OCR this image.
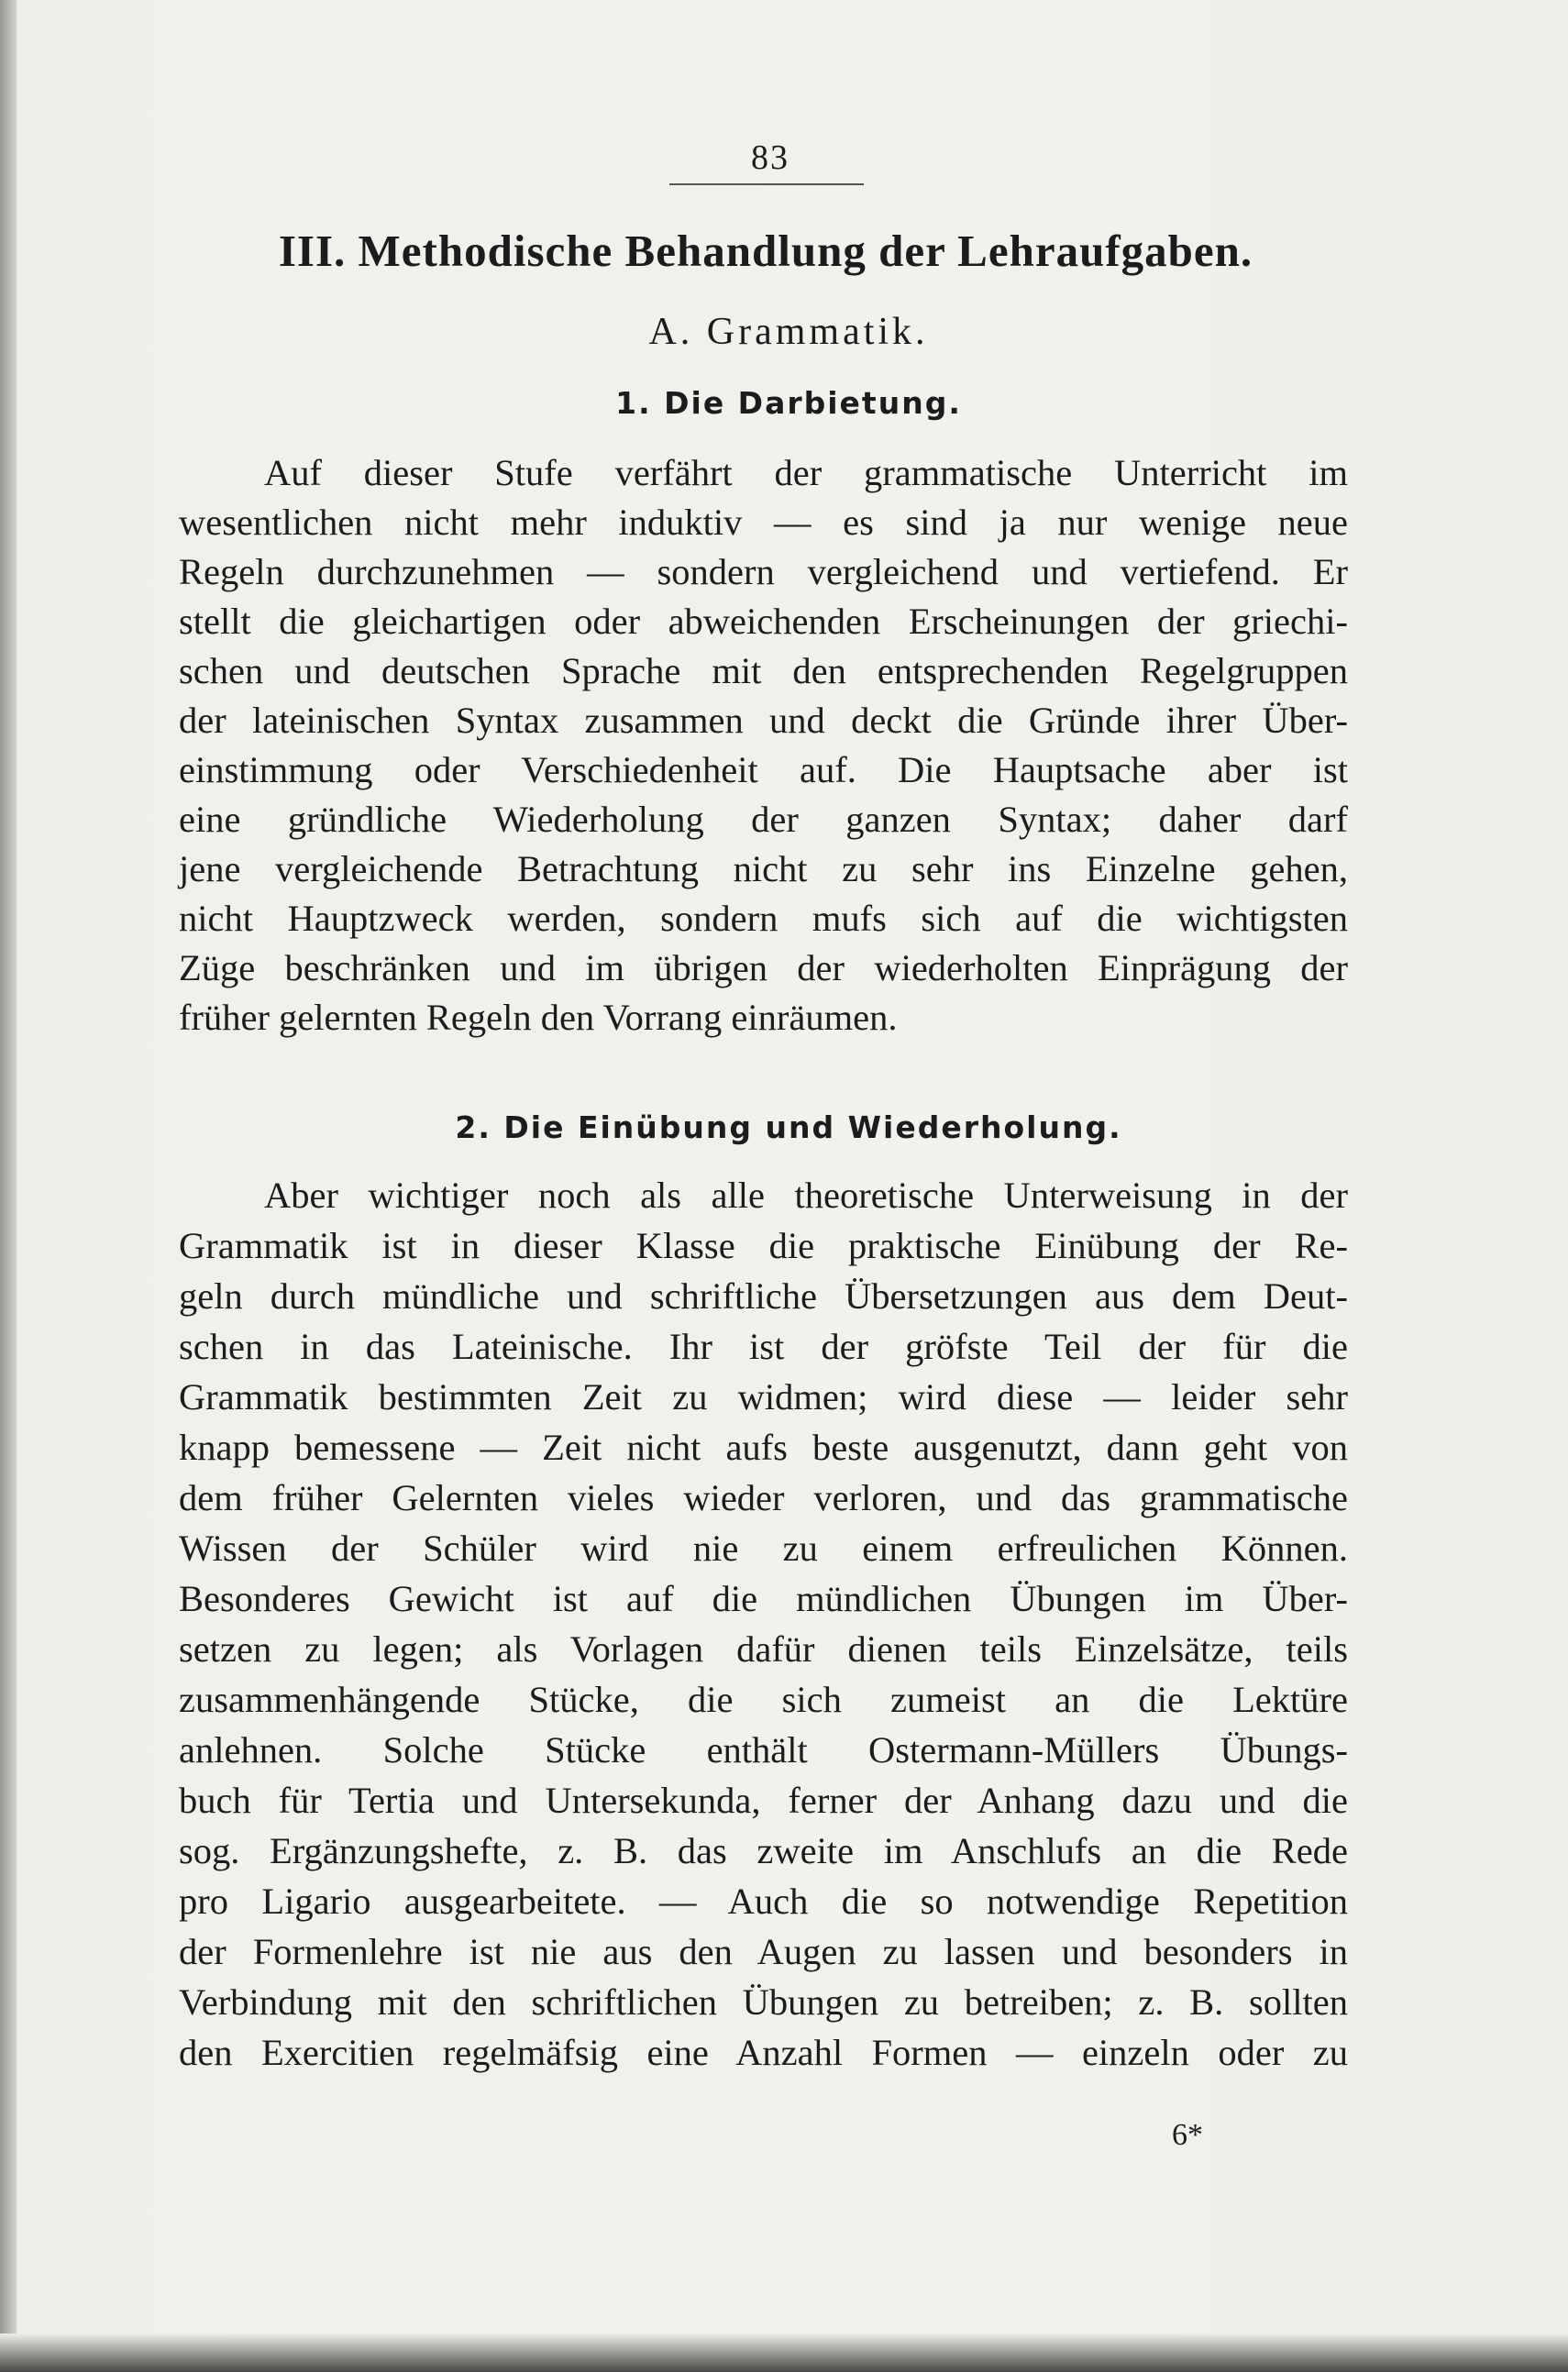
83
III. Methodische Behandlung der Lehraufgaben.
A. Grammatik.
1. Die Darbietung.
Auf dieser Stufe verfährt der grammatische Unterricht im
wesentlichen nicht mehr induktiv — es sind ja nur wenige neue
Regeln durchzunehmen — sondern vergleichend und vertiefend. Er
stellt die gleichartigen oder abweichenden Erscheinungen der griechi-
schen und deutschen Sprache mit den entsprechenden Regelgruppen
der lateinischen Syntax zusammen und deckt die Gründe ihrer Über-
einstimmung oder Verschiedenheit auf. Die Hauptsache aber ist
eine gründliche Wiederholung der ganzen Syntax; daher darf
jene vergleichende Betrachtung nicht zu sehr ins Einzelne gehen,
nicht Hauptzweck werden, sondern mufs sich auf die wichtigsten
Züge beschränken und im übrigen der wiederholten Einprägung der
früher gelernten Regeln den Vorrang einräumen.
2. Die Einübung und Wiederholung.
Aber wichtiger noch als alle theoretische Unterweisung in der
Grammatik ist in dieser Klasse die praktische Einübung der Re-
geln durch mündliche und schriftliche Übersetzungen aus dem Deut-
schen in das Lateinische. Ihr ist der gröfste Teil der für die
Grammatik bestimmten Zeit zu widmen; wird diese — leider sehr
knapp bemessene — Zeit nicht aufs beste ausgenutzt, dann geht von
dem früher Gelernten vieles wieder verloren, und das grammatische
Wissen der Schüler wird nie zu einem erfreulichen Können.
Besonderes Gewicht ist auf die mündlichen Übungen im Über-
setzen zu legen; als Vorlagen dafür dienen teils Einzelsätze, teils
zusammenhängende Stücke, die sich zumeist an die Lektüre
anlehnen. Solche Stücke enthält Ostermann-Müllers Übungs-
buch für Tertia und Untersekunda, ferner der Anhang dazu und die
sog. Ergänzungshefte, z. B. das zweite im Anschlufs an die Rede
pro Ligario ausgearbeitete. — Auch die so notwendige Repetition
der Formenlehre ist nie aus den Augen zu lassen und besonders in
Verbindung mit den schriftlichen Übungen zu betreiben; z. B. sollten
den Exercitien regelmäfsig eine Anzahl Formen — einzeln oder zu
6*
